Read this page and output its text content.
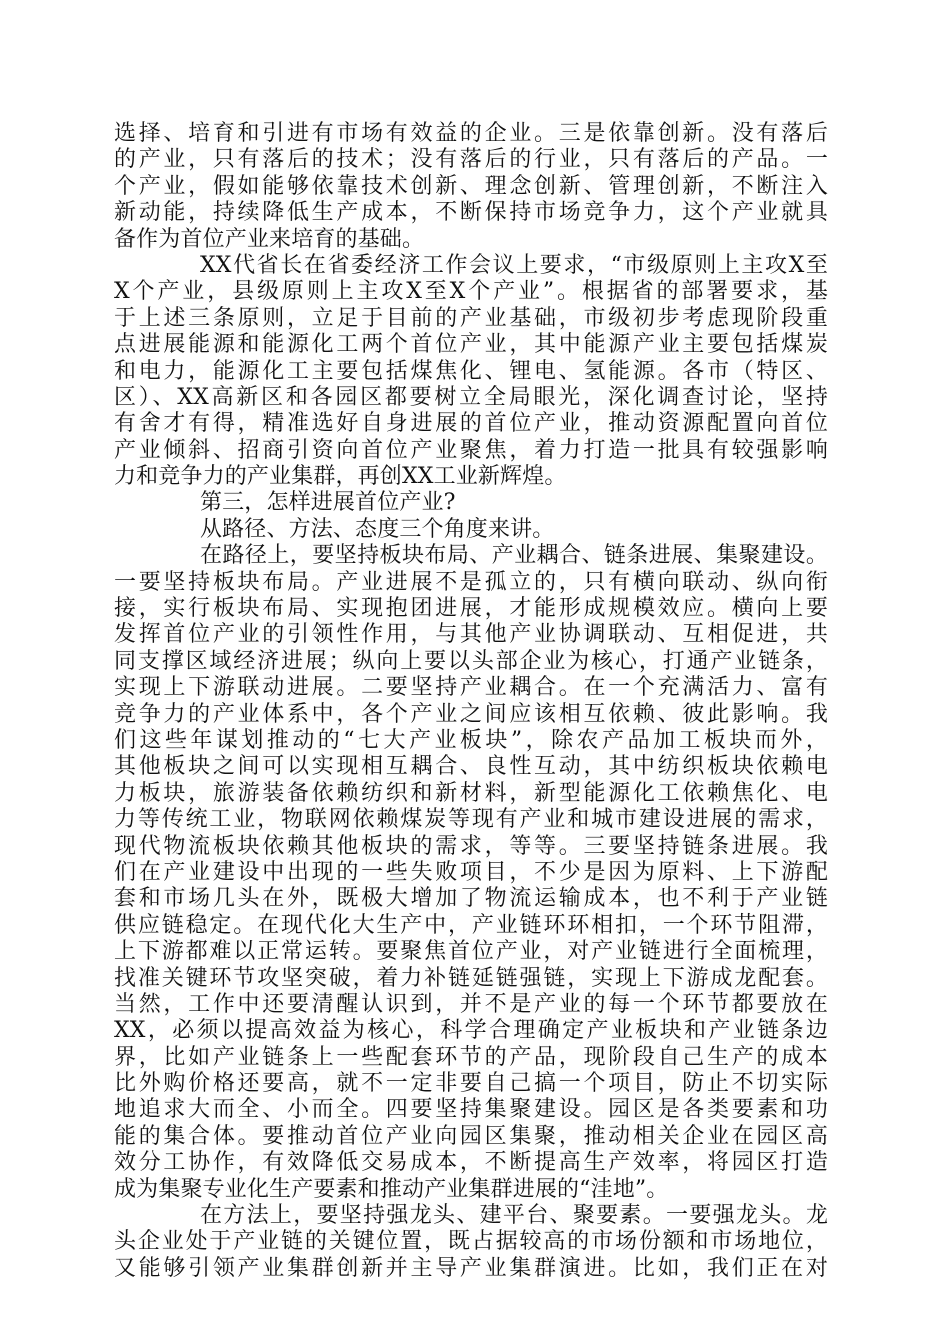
选择、培育和引进有市场有效益的企业。三是依靠创新。没有落后
的产业，只有落后的技术；没有落后的行业，只有落后的产品。一
个产业，假如能够依靠技术创新、理念创新、管理创新，不断注入
新动能，持续降低生产成本，不断保持市场竞争力，这个产业就具
备作为首位产业来培育的基础。
XX代省长在省委经济工作会议上要求，“市级原则上主攻X至
X个产业，县级原则上主攻X至X个产业”。根据省的部署要求，基
于上述三条原则，立足于目前的产业基础，市级初步考虑现阶段重
点进展能源和能源化工两个首位产业，其中能源产业主要包括煤炭
和电力，能源化工主要包括煤焦化、锂电、氢能源。各市（特区、
区）、XX高新区和各园区都要树立全局眼光，深化调查讨论，坚持
有舍才有得，精准选好自身进展的首位产业，推动资源配置向首位
产业倾斜、招商引资向首位产业聚焦，着力打造一批具有较强影响
力和竞争力的产业集群，再创XX工业新辉煌。
第三，怎样进展首位产业?
从路径、方法、态度三个角度来讲。
在路径上，要坚持板块布局、产业耦合、链条进展、集聚建设。
一要坚持板块布局。产业进展不是孤立的，只有横向联动、纵向衔
接，实行板块布局、实现抱团进展，才能形成规模效应。横向上要
发挥首位产业的引领性作用，与其他产业协调联动、互相促进，共
同支撑区域经济进展；纵向上要以头部企业为核心，打通产业链条，
实现上下游联动进展。二要坚持产业耦合。在一个充满活力、富有
竞争力的产业体系中，各个产业之间应该相互依赖、彼此影响。我
们这些年谋划推动的“七大产业板块”，除农产品加工板块而外，
其他板块之间可以实现相互耦合、良性互动，其中纺织板块依赖电
力板块，旅游装备依赖纺织和新材料，新型能源化工依赖焦化、电
力等传统工业，物联网依赖煤炭等现有产业和城市建设进展的需求，
现代物流板块依赖其他板块的需求，等等。三要坚持链条进展。我
们在产业建设中出现的一些失败项目，不少是因为原料、上下游配
套和市场几头在外，既极大增加了物流运输成本，也不利于产业链
供应链稳定。在现代化大生产中，产业链环环相扣，一个环节阻滞，
上下游都难以正常运转。要聚焦首位产业，对产业链进行全面梳理，
找准关键环节攻坚突破，着力补链延链强链，实现上下游成龙配套。
当然，工作中还要清醒认识到，并不是产业的每一个环节都要放在
XX，必须以提高效益为核心，科学合理确定产业板块和产业链条边
界，比如产业链条上一些配套环节的产品，现阶段自己生产的成本
比外购价格还要高，就不一定非要自己搞一个项目，防止不切实际
地追求大而全、小而全。四要坚持集聚建设。园区是各类要素和功
能的集合体。要推动首位产业向园区集聚，推动相关企业在园区高
效分工协作，有效降低交易成本，不断提高生产效率，将园区打造
成为集聚专业化生产要素和推动产业集群进展的“洼地”。
在方法上，要坚持强龙头、建平台、聚要素。一要强龙头。龙
头企业处于产业链的关键位置，既占据较高的市场份额和市场地位，
又能够引领产业集群创新并主导产业集群演进。比如，我们正在对
